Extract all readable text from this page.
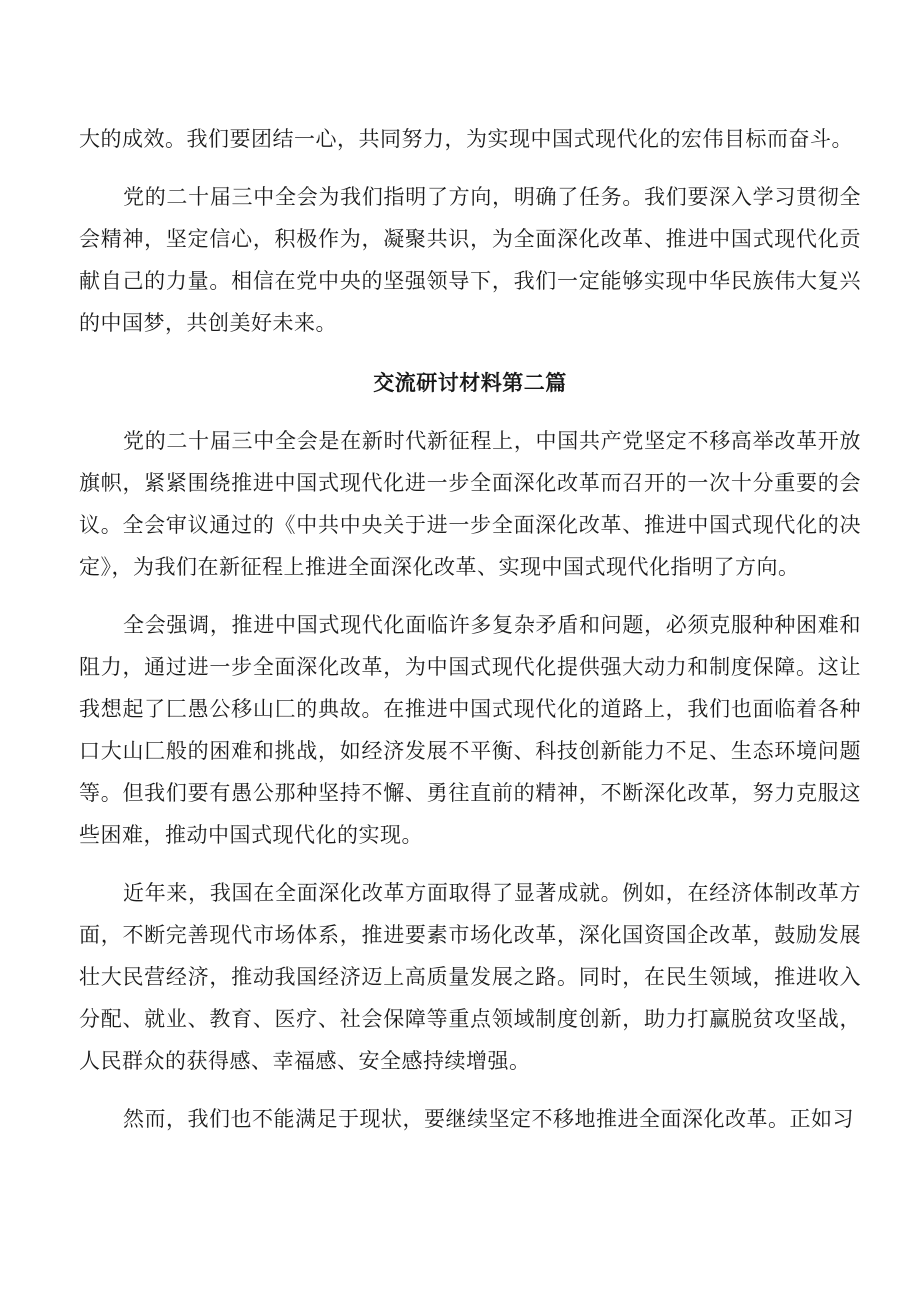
大的成效。我们要团结一心，共同努力，为实现中国式现代化的宏伟目标而奋斗。

党的二十届三中全会为我们指明了方向，明确了任务。我们要深入学习贯彻全会精神，坚定信心，积极作为，凝聚共识，为全面深化改革、推进中国式现代化贡献自己的力量。相信在党中央的坚强领导下，我们一定能够实现中华民族伟大复兴的中国梦，共创美好未来。

交流研讨材料第二篇

党的二十届三中全会是在新时代新征程上，中国共产党坚定不移高举改革开放旗帜，紧紧围绕推进中国式现代化进一步全面深化改革而召开的一次十分重要的会议。全会审议通过的《中共中央关于进一步全面深化改革、推进中国式现代化的决定》，为我们在新征程上推进全面深化改革、实现中国式现代化指明了方向。

全会强调，推进中国式现代化面临许多复杂矛盾和问题，必须克服种种困难和阻力，通过进一步全面深化改革，为中国式现代化提供强大动力和制度保障。这让我想起了匚愚公移山匚的典故。在推进中国式现代化的道路上，我们也面临着各种口大山匚般的困难和挑战，如经济发展不平衡、科技创新能力不足、生态环境问题等。但我们要有愚公那种坚持不懈、勇往直前的精神，不断深化改革，努力克服这些困难，推动中国式现代化的实现。

近年来，我国在全面深化改革方面取得了显著成就。例如，在经济体制改革方面，不断完善现代市场体系，推进要素市场化改革，深化国资国企改革，鼓励发展壮大民营经济，推动我国经济迈上高质量发展之路。同时，在民生领域，推进收入分配、就业、教育、医疗、社会保障等重点领域制度创新，助力打赢脱贫攻坚战，人民群众的获得感、幸福感、安全感持续增强。

然而，我们也不能满足于现状，要继续坚定不移地推进全面深化改革。正如习
